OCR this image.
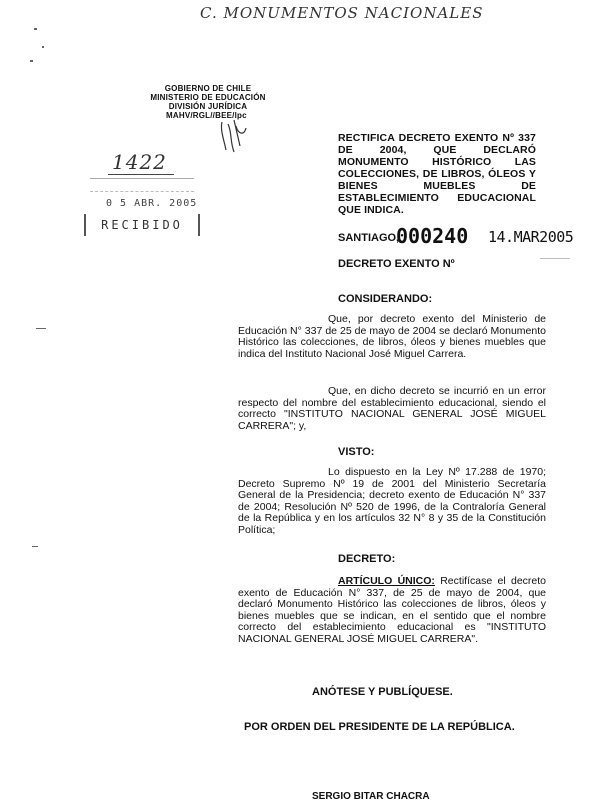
C. MONUMENTOS NACIONALES
GOBIERNO DE CHILE
MINISTERIO DE EDUCACIÓN
DIVISIÓN JURÍDICA
MAHV/RGL//BEE/lpc
RECTIFICA DECRETO EXENTO Nº 337 DE 2004, QUE DECLARÓ MONUMENTO HISTÓRICO LAS COLECCIONES, DE LIBROS, ÓLEOS Y BIENES MUEBLES DE ESTABLECIMIENTO EDUCACIONAL QUE INDICA.
1422
0 5 ABR. 2005
RECIBIDO
SANTIAGO,
000240 14.MAR2005
DECRETO EXENTO Nº
CONSIDERANDO:
Que, por decreto exento del Ministerio de Educación N° 337 de 25 de mayo de 2004 se declaró Monumento Histórico las colecciones, de libros, óleos y bienes muebles que indica del Instituto Nacional José Miguel Carrera.
Que, en dicho decreto se incurrió en un error respecto del nombre del establecimiento educacional, siendo el correcto "INSTITUTO NACIONAL GENERAL JOSÉ MIGUEL CARRERA"; y,
VISTO:
Lo dispuesto en la Ley Nº 17.288 de 1970; Decreto Supremo Nº 19 de 2001 del Ministerio Secretaría General de la Presidencia; decreto exento de Educación N° 337 de 2004; Resolución Nº 520 de 1996, de la Contraloría General de la República y en los artículos 32 N° 8 y 35 de la Constitución Política;
DECRETO:
ARTÍCULO ÚNICO: Rectifícase el decreto exento de Educación N° 337, de 25 de mayo de 2004, que declaró Monumento Histórico las colecciones de libros, óleos y bienes muebles que se indican, en el sentido que el nombre correcto del establecimiento educacional es "INSTITUTO NACIONAL GENERAL JOSÉ MIGUEL CARRERA".
ANÓTESE Y PUBLÍQUESE.
POR ORDEN DEL PRESIDENTE DE LA REPÚBLICA.
SERGIO BITAR CHACRA
